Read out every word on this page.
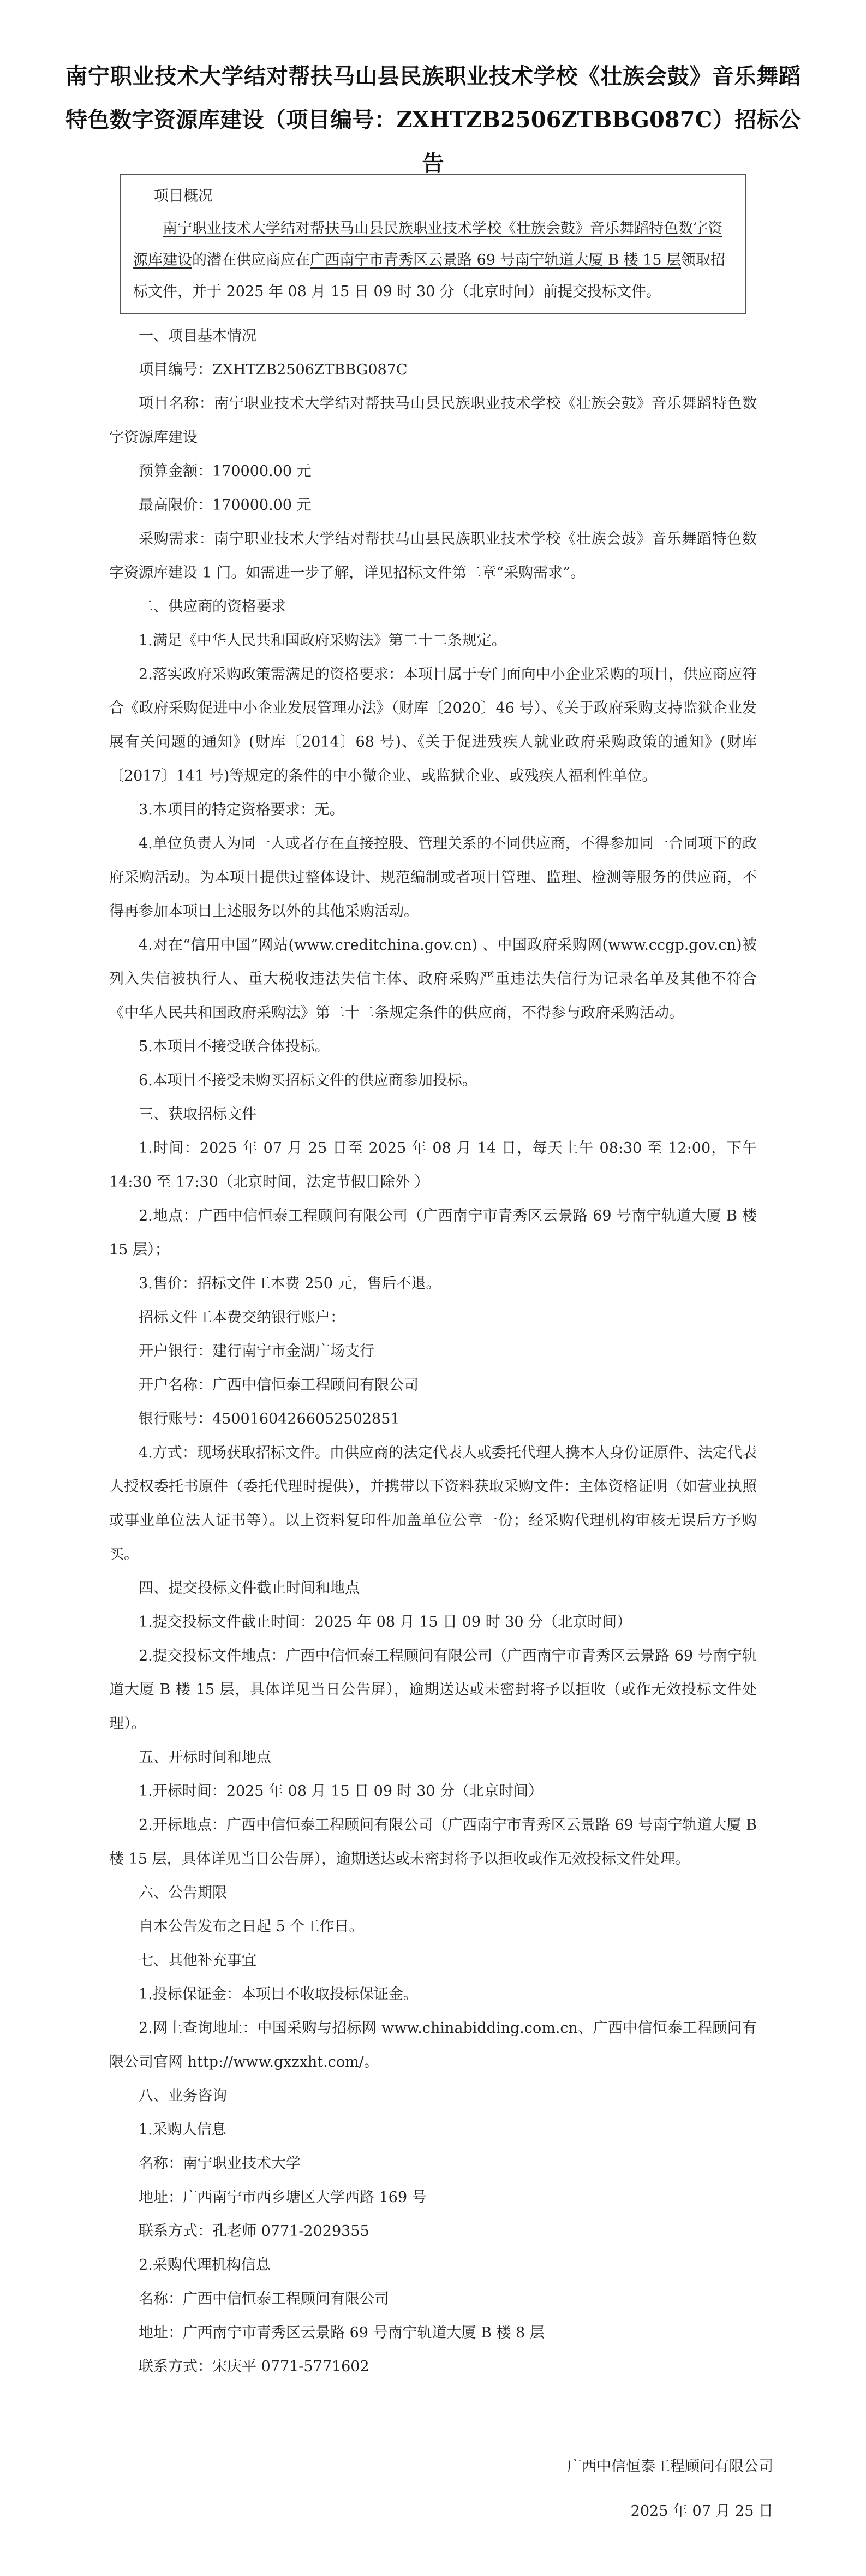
南宁职业技术大学结对帮扶马山县民族职业技术学校《壮族会鼓》音乐舞蹈特色数字资源库建设（项目编号：ZXHTZB2506ZTBBG087C）招标公告
项目概况
南宁职业技术大学结对帮扶马山县民族职业技术学校《壮族会鼓》音乐舞蹈特色数字资源库建设的潜在供应商应在广西南宁市青秀区云景路 69 号南宁轨道大厦 B 楼 15 层领取招标文件，并于 2025 年 08 月 15 日 09 时 30 分（北京时间）前提交投标文件。

一、项目基本情况

项目编号：ZXHTZB2506ZTBBG087C

项目名称：南宁职业技术大学结对帮扶马山县民族职业技术学校《壮族会鼓》音乐舞蹈特色数字资源库建设

预算金额：170000.00 元

最高限价：170000.00 元

采购需求：南宁职业技术大学结对帮扶马山县民族职业技术学校《壮族会鼓》音乐舞蹈特色数字资源库建设 1 门。如需进一步了解，详见招标文件第二章“采购需求”。

二、供应商的资格要求

1.满足《中华人民共和国政府采购法》第二十二条规定。

2.落实政府采购政策需满足的资格要求：本项目属于专门面向中小企业采购的项目，供应商应符合《政府采购促进中小企业发展管理办法》（财库〔2020〕46 号）、《关于政府采购支持监狱企业发展有关问题的通知》(财库〔2014〕68 号)、《关于促进残疾人就业政府采购政策的通知》(财库〔2017〕141 号)等规定的条件的中小微企业、或监狱企业、或残疾人福利性单位。

3.本项目的特定资格要求：无。

4.单位负责人为同一人或者存在直接控股、管理关系的不同供应商，不得参加同一合同项下的政府采购活动。为本项目提供过整体设计、规范编制或者项目管理、监理、检测等服务的供应商，不得再参加本项目上述服务以外的其他采购活动。

4.对在“信用中国”网站(www.creditchina.gov.cn) 、中国政府采购网(www.ccgp.gov.cn)被列入失信被执行人、重大税收违法失信主体、政府采购严重违法失信行为记录名单及其他不符合《中华人民共和国政府采购法》第二十二条规定条件的供应商，不得参与政府采购活动。

5.本项目不接受联合体投标。

6.本项目不接受未购买招标文件的供应商参加投标。

三、获取招标文件

1.时间：2025 年 07 月 25 日至 2025 年 08 月 14 日，每天上午 08:30 至 12:00，下午 14:30 至 17:30（北京时间，法定节假日除外 ）

2.地点：广西中信恒泰工程顾问有限公司（广西南宁市青秀区云景路 69 号南宁轨道大厦 B 楼 15 层）；

3.售价：招标文件工本费 250 元，售后不退。

招标文件工本费交纳银行账户：

开户银行：建行南宁市金湖广场支行

开户名称：广西中信恒泰工程顾问有限公司

银行账号：45001604266052502851

4.方式：现场获取招标文件。由供应商的法定代表人或委托代理人携本人身份证原件、法定代表人授权委托书原件（委托代理时提供），并携带以下资料获取采购文件：主体资格证明（如营业执照或事业单位法人证书等）。以上资料复印件加盖单位公章一份；经采购代理机构审核无误后方予购买。

四、提交投标文件截止时间和地点

1.提交投标文件截止时间：2025 年 08 月 15 日 09 时 30 分（北京时间）

2.提交投标文件地点：广西中信恒泰工程顾问有限公司（广西南宁市青秀区云景路 69 号南宁轨道大厦 B 楼 15 层，具体详见当日公告屏），逾期送达或未密封将予以拒收（或作无效投标文件处理）。

五、开标时间和地点

1.开标时间：2025 年 08 月 15 日 09 时 30 分（北京时间）

2.开标地点：广西中信恒泰工程顾问有限公司（广西南宁市青秀区云景路 69 号南宁轨道大厦 B 楼 15 层，具体详见当日公告屏），逾期送达或未密封将予以拒收或作无效投标文件处理。

六、公告期限

自本公告发布之日起 5 个工作日。

七、其他补充事宜

1.投标保证金：本项目不收取投标保证金。

2.网上查询地址：中国采购与招标网 www.chinabidding.com.cn、广西中信恒泰工程顾问有限公司官网 http://www.gxzxht.com/。

八、业务咨询

1.采购人信息

名称：南宁职业技术大学

地址：广西南宁市西乡塘区大学西路 169 号

联系方式：孔老师 0771-2029355

2.采购代理机构信息

名称：广西中信恒泰工程顾问有限公司

地址：广西南宁市青秀区云景路 69 号南宁轨道大厦 B 楼 8 层

联系方式：宋庆平 0771-5771602

广西中信恒泰工程顾问有限公司
2025 年 07 月 25 日
